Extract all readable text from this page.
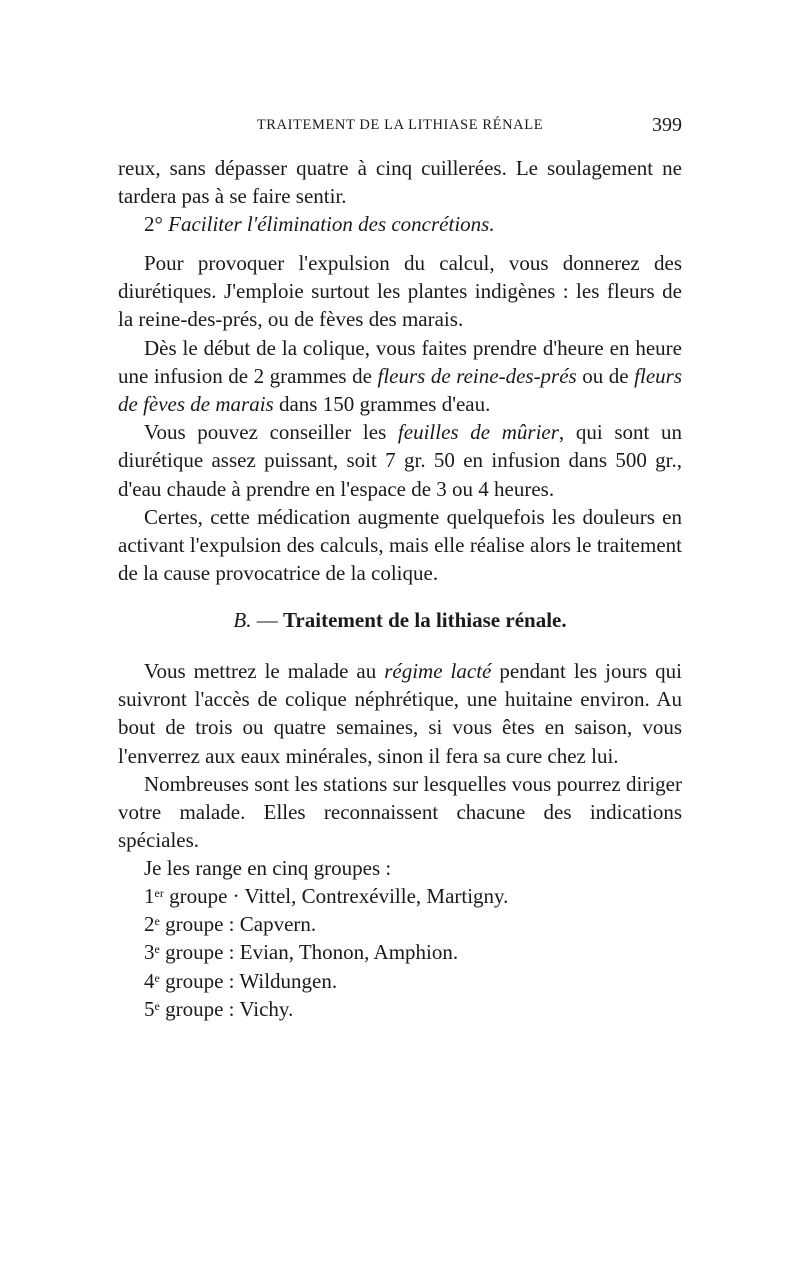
TRAITEMENT DE LA LITHIASE RÉNALE	399

reux, sans dépasser quatre à cinq cuillerées. Le soulagement ne tardera pas à se faire sentir.

2° Faciliter l'élimination des concrétions.

Pour provoquer l'expulsion du calcul, vous donnerez des diurétiques. J'emploie surtout les plantes indigènes : les fleurs de la reine-des-prés, ou de fèves des marais.

Dès le début de la colique, vous faites prendre d'heure en heure une infusion de 2 grammes de fleurs de reine-des-prés ou de fleurs de fèves de marais dans 150 grammes d'eau.

Vous pouvez conseiller les feuilles de mûrier, qui sont un diurétique assez puissant, soit 7 gr. 50 en infusion dans 500 gr., d'eau chaude à prendre en l'espace de 3 ou 4 heures.

Certes, cette médication augmente quelquefois les douleurs en activant l'expulsion des calculs, mais elle réalise alors le traitement de la cause provocatrice de la colique.

B. — Traitement de la lithiase rénale.

Vous mettrez le malade au régime lacté pendant les jours qui suivront l'accès de colique néphrétique, une huitaine environ. Au bout de trois ou quatre semaines, si vous êtes en saison, vous l'enverrez aux eaux minérales, sinon il fera sa cure chez lui.

Nombreuses sont les stations sur lesquelles vous pourrez diriger votre malade. Elles reconnaissent chacune des indications spéciales.

Je les range en cinq groupes :

1er groupe · Vittel, Contrexéville, Martigny.
2e groupe : Capvern.
3e groupe : Evian, Thonon, Amphion.
4e groupe : Wildungen.
5e groupe : Vichy.
